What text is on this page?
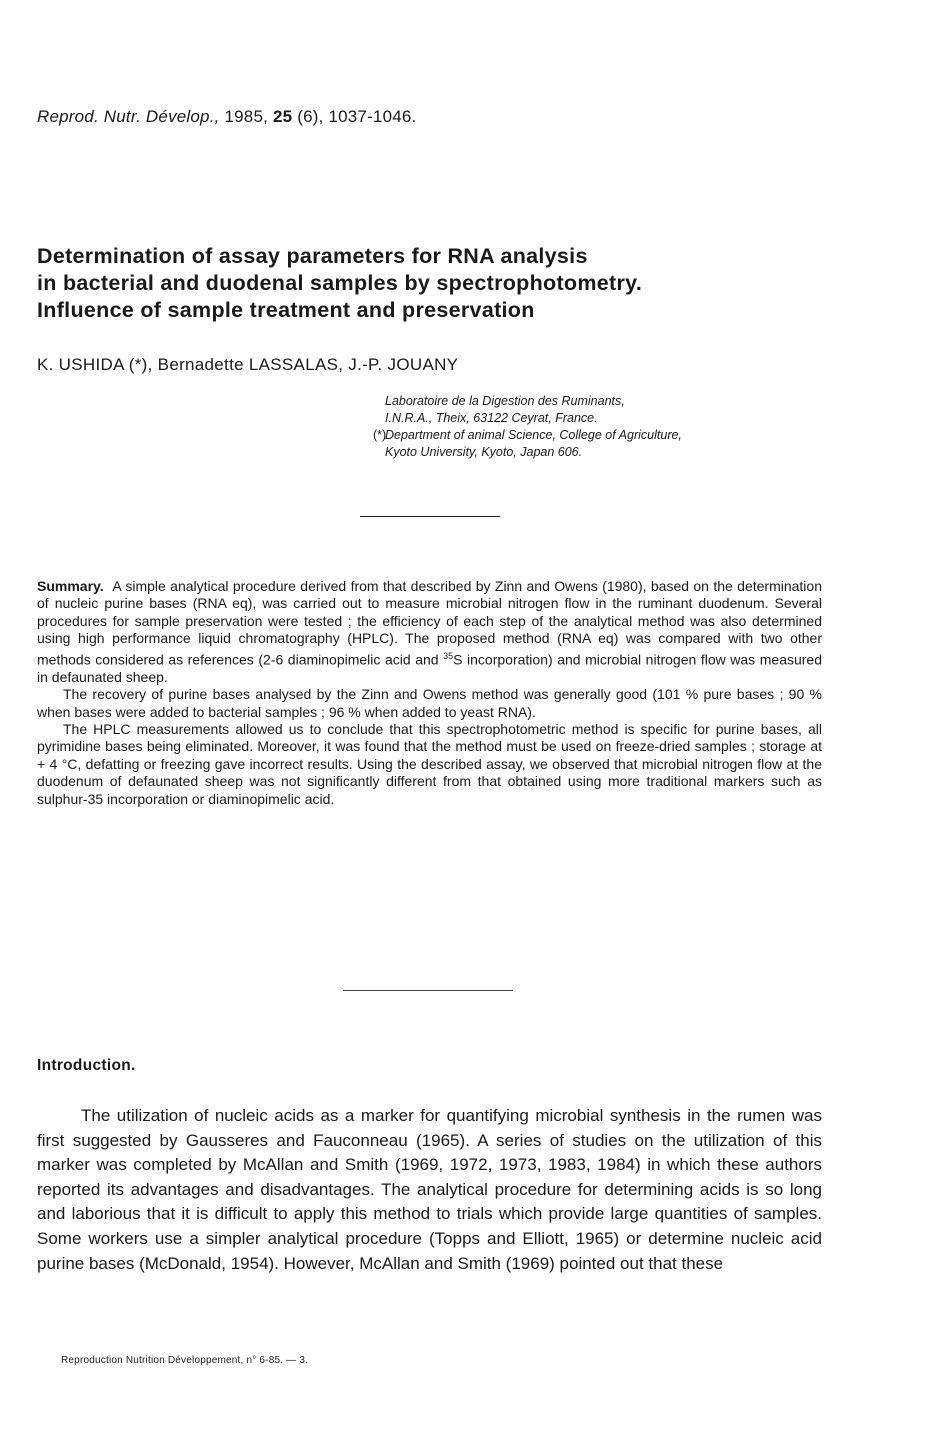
Reprod. Nutr. Dévelop., 1985, 25 (6), 1037-1046.
Determination of assay parameters for RNA analysis
in bacterial and duodenal samples by spectrophotometry.
Influence of sample treatment and preservation
K. USHIDA (*), Bernadette LASSALAS, J.-P. JOUANY
Laboratoire de la Digestion des Ruminants,
I.N.R.A., Theix, 63122 Ceyrat, France.
(*)Department of animal Science, College of Agriculture,
Kyoto University, Kyoto, Japan 606.

Summary. A simple analytical procedure derived from that described by Zinn and Owens (1980), based on the determination of nucleic purine bases (RNA eq), was carried out to measure microbial nitrogen flow in the ruminant duodenum. Several procedures for sample preservation were tested ; the efficiency of each step of the analytical method was also determined using high performance liquid chromatography (HPLC). The proposed method (RNA eq) was compared with two other methods considered as references (2-6 diaminopimelic acid and $^{35}$S incorporation) and microbial nitrogen flow was measured in defaunated sheep.

The recovery of purine bases analysed by the Zinn and Owens method was generally good (101 % pure bases ; 90 % when bases were added to bacterial samples ; 96 % when added to yeast RNA).

The HPLC measurements allowed us to conclude that this spectrophotometric method is specific for purine bases, all pyrimidine bases being eliminated. Moreover, it was found that the method must be used on freeze-dried samples ; storage at + 4 °C, defatting or freezing gave incorrect results. Using the described assay, we observed that microbial nitrogen flow at the duodenum of defaunated sheep was not significantly different from that obtained using more traditional markers such as sulphur-35 incorporation or diaminopimelic acid.

Introduction.

The utilization of nucleic acids as a marker for quantifying microbial synthesis in the rumen was first suggested by Gausseres and Fauconneau (1965). A series of studies on the utilization of this marker was completed by McAllan and Smith (1969, 1972, 1973, 1983, 1984) in which these authors reported its advantages and disadvantages. The analytical procedure for determining acids is so long and laborious that it is difficult to apply this method to trials which provide large quantities of samples. Some workers use a simpler analytical procedure (Topps and Elliott, 1965) or determine nucleic acid purine bases (McDonald, 1954). However, McAllan and Smith (1969) pointed out that these

Reproduction Nutrition Développement, n° 6-85. — 3.
